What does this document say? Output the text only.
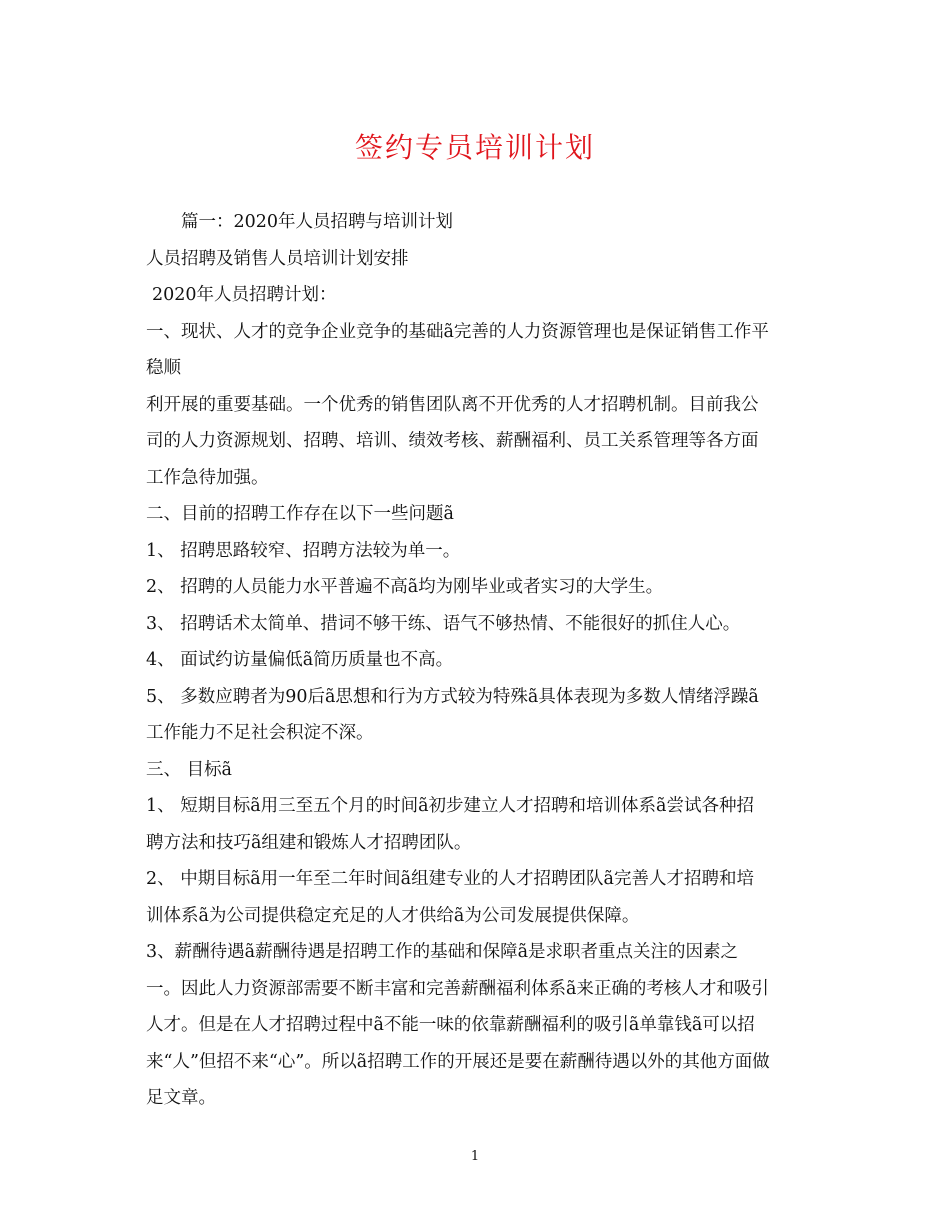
签约专员培训计划
篇一：2020年人员招聘与培训计划
人员招聘及销售人员培训计划安排
2020年人员招聘计划：
一、现状、人才的竞争企业竞争的基础ã完善的人力资源管理也是保证销售工作平
稳顺
利开展的重要基础。一个优秀的销售团队离不开优秀的人才招聘机制。目前我公
司的人力资源规划、招聘、培训、绩效考核、薪酬福利、员工关系管理等各方面
工作急待加强。
二、目前的招聘工作存在以下一些问题ã
1、 招聘思路较窄、招聘方法较为单一。
2、 招聘的人员能力水平普遍不高ã均为刚毕业或者实习的大学生。
3、 招聘话术太简单、措词不够干练、语气不够热情、不能很好的抓住人心。
4、 面试约访量偏低ã简历质量也不高。
5、 多数应聘者为90后ã思想和行为方式较为特殊ã具体表现为多数人情绪浮躁ã
工作能力不足社会积淀不深。
三、 目标ã
1、 短期目标ã用三至五个月的时间ã初步建立人才招聘和培训体系ã尝试各种招
聘方法和技巧ã组建和锻炼人才招聘团队。
2、 中期目标ã用一年至二年时间ã组建专业的人才招聘团队ã完善人才招聘和培
训体系ã为公司提供稳定充足的人才供给ã为公司发展提供保障。
3、薪酬待遇ã薪酬待遇是招聘工作的基础和保障ã是求职者重点关注的因素之
一。因此人力资源部需要不断丰富和完善薪酬福利体系ã来正确的考核人才和吸引
人才。但是在人才招聘过程中ã不能一味的依靠薪酬福利的吸引ã单靠钱ã可以招
来“人”但招不来“心”。所以ã招聘工作的开展还是要在薪酬待遇以外的其他方面做
足文章。
1
